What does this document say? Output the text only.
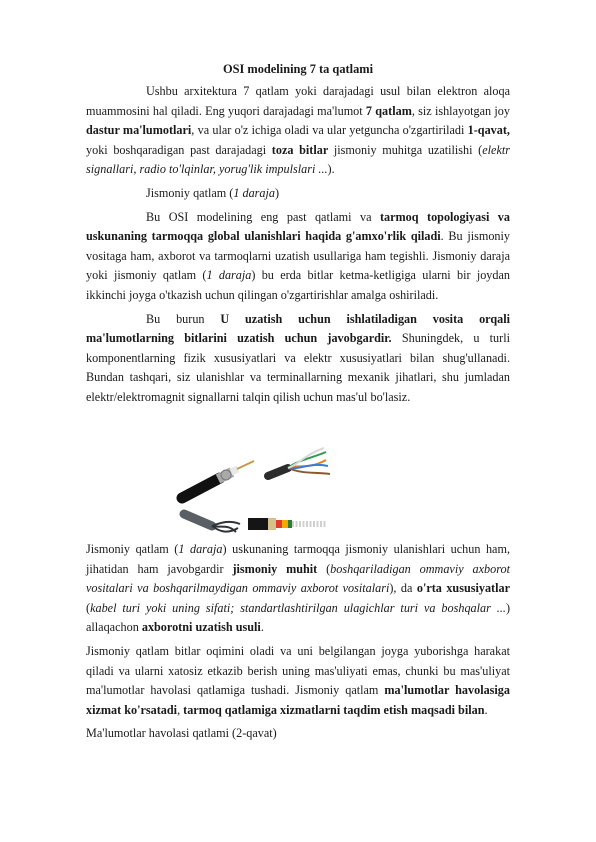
OSI modelining 7 ta qatlami

Ushbu arxitektura 7 qatlam yoki darajadagi usul bilan elektron aloqa muammosini hal qiladi. Eng yuqori darajadagi ma'lumot 7 qatlam, siz ishlayotgan joy dastur ma'lumotlari, va ular o'z ichiga oladi va ular yetguncha o'zgartiriladi 1-qavat, yoki boshqaradigan past darajadagi toza bitlar jismoniy muhitga uzatilishi (elektr signallari, radio to'lqinlar, yorug'lik impulslari ...).

Jismoniy qatlam (1 daraja)

Bu OSI modelining eng past qatlami va tarmoq topologiyasi va uskunaning tarmoqqa global ulanishlari haqida g'amxo'rlik qiladi. Bu jismoniy vositaga ham, axborot va tarmoqlarni uzatish usullariga ham tegishli. Jismoniy daraja yoki jismoniy qatlam (1 daraja) bu erda bitlar ketma-ketligiga ularni bir joydan ikkinchi joyga o'tkazish uchun qilingan o'zgartirishlar amalga oshiriladi.

Bu burun U uzatish uchun ishlatiladigan vosita orqali ma'lumotlarning bitlarini uzatish uchun javobgardir. Shuningdek, u turli komponentlarning fizik xususiyatlari va elektr xususiyatlari bilan shug'ullanadi. Bundan tashqari, siz ulanishlar va terminallarning mexanik jihatlari, shu jumladan elektr/elektromagnit signallarni talqin qilish uchun mas'ul bo'lasiz.

Jismoniy qatlam (1 daraja) uskunaning tarmoqqa jismoniy ulanishlari uchun ham, jihatidan ham javobgardir jismoniy muhit (boshqariladigan ommaviy axborot vositalari va boshqarilmaydigan ommaviy axborot vositalari), da o'rta xususiyatlar (kabel turi yoki uning sifati; standartlashtirilgan ulagichlar turi va boshqalar ...) allaqachon axborotni uzatish usuli.

Jismoniy qatlam bitlar oqimini oladi va uni belgilangan joyga yuborishga harakat qiladi va ularni xatosiz etkazib berish uning mas'uliyati emas, chunki bu mas'uliyat ma'lumotlar havolasi qatlamiga tushadi. Jismoniy qatlam ma'lumotlar havolasiga xizmat ko'rsatadi, tarmoq qatlamiga xizmatlarni taqdim etish maqsadi bilan.

Ma'lumotlar havolasi qatlami (2-qavat)
